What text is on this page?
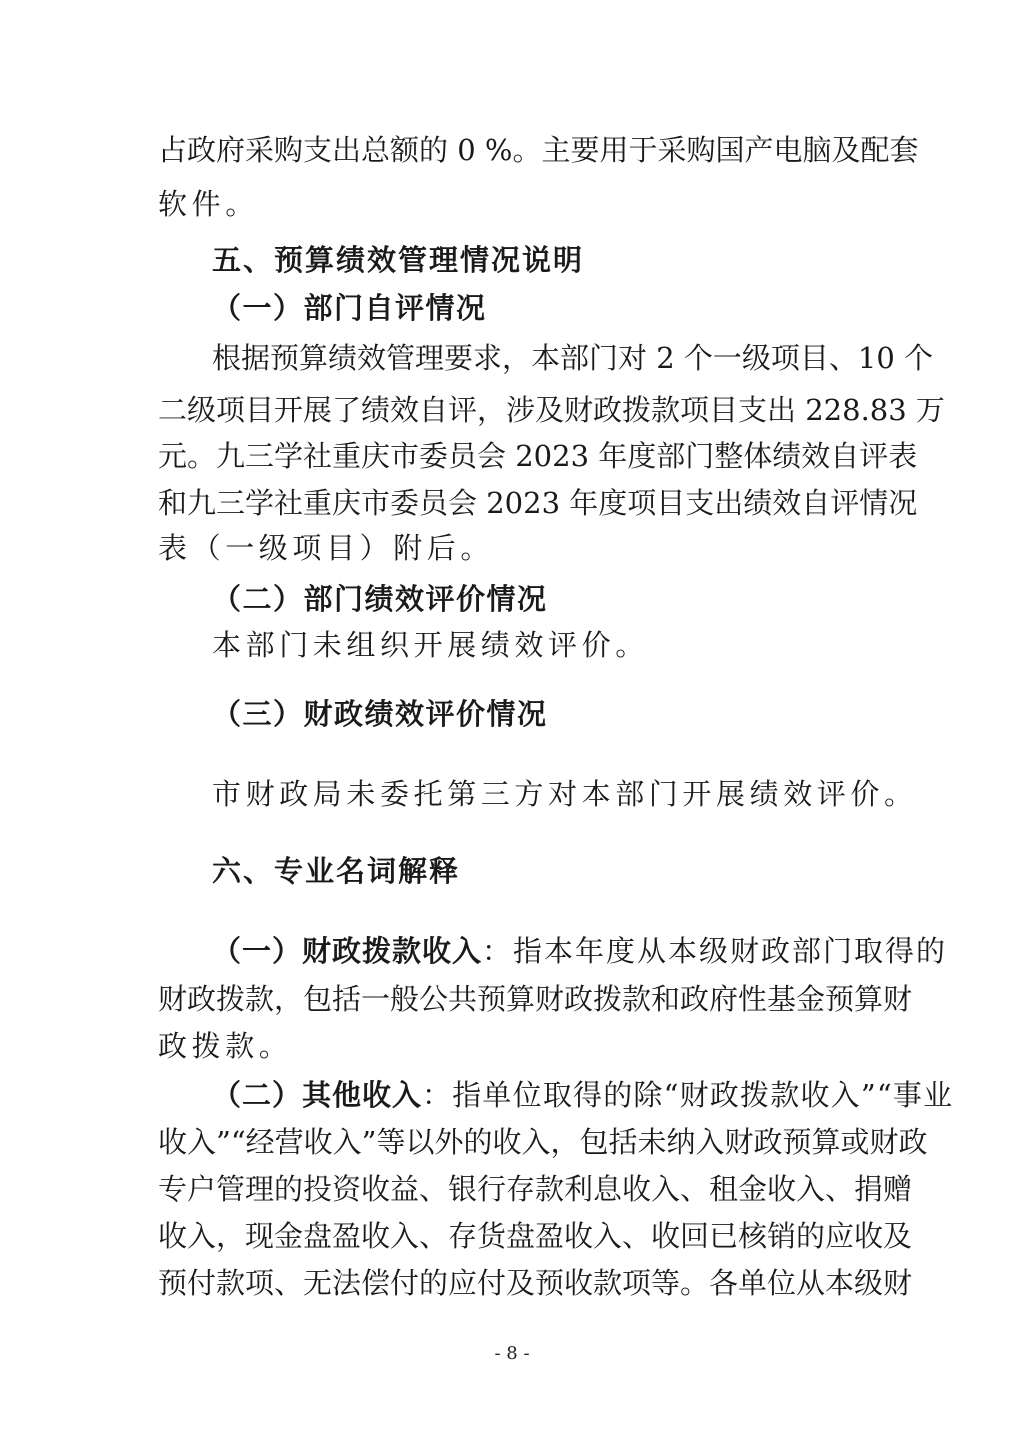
占政府采购支出总额的 0 %。主要用于采购国产电脑及配套
软件。
五、预算绩效管理情况说明
（一）部门自评情况
根据预算绩效管理要求，本部门对 2 个一级项目、10 个
二级项目开展了绩效自评，涉及财政拨款项目支出 228.83 万
元。九三学社重庆市委员会 2023 年度部门整体绩效自评表
和九三学社重庆市委员会 2023 年度项目支出绩效自评情况
表（一级项目）附后。
（二）部门绩效评价情况
本部门未组织开展绩效评价。
（三）财政绩效评价情况
市财政局未委托第三方对本部门开展绩效评价。
六、专业名词解释
（一）财政拨款收入：指本年度从本级财政部门取得的
财政拨款，包括一般公共预算财政拨款和政府性基金预算财
政拨款。
（二）其他收入：指单位取得的除“财政拨款收入”“事业
收入”“经营收入”等以外的收入，包括未纳入财政预算或财政
专户管理的投资收益、银行存款利息收入、租金收入、捐赠
收入，现金盘盈收入、存货盘盈收入、收回已核销的应收及
预付款项、无法偿付的应付及预收款项等。各单位从本级财
- 8 -
